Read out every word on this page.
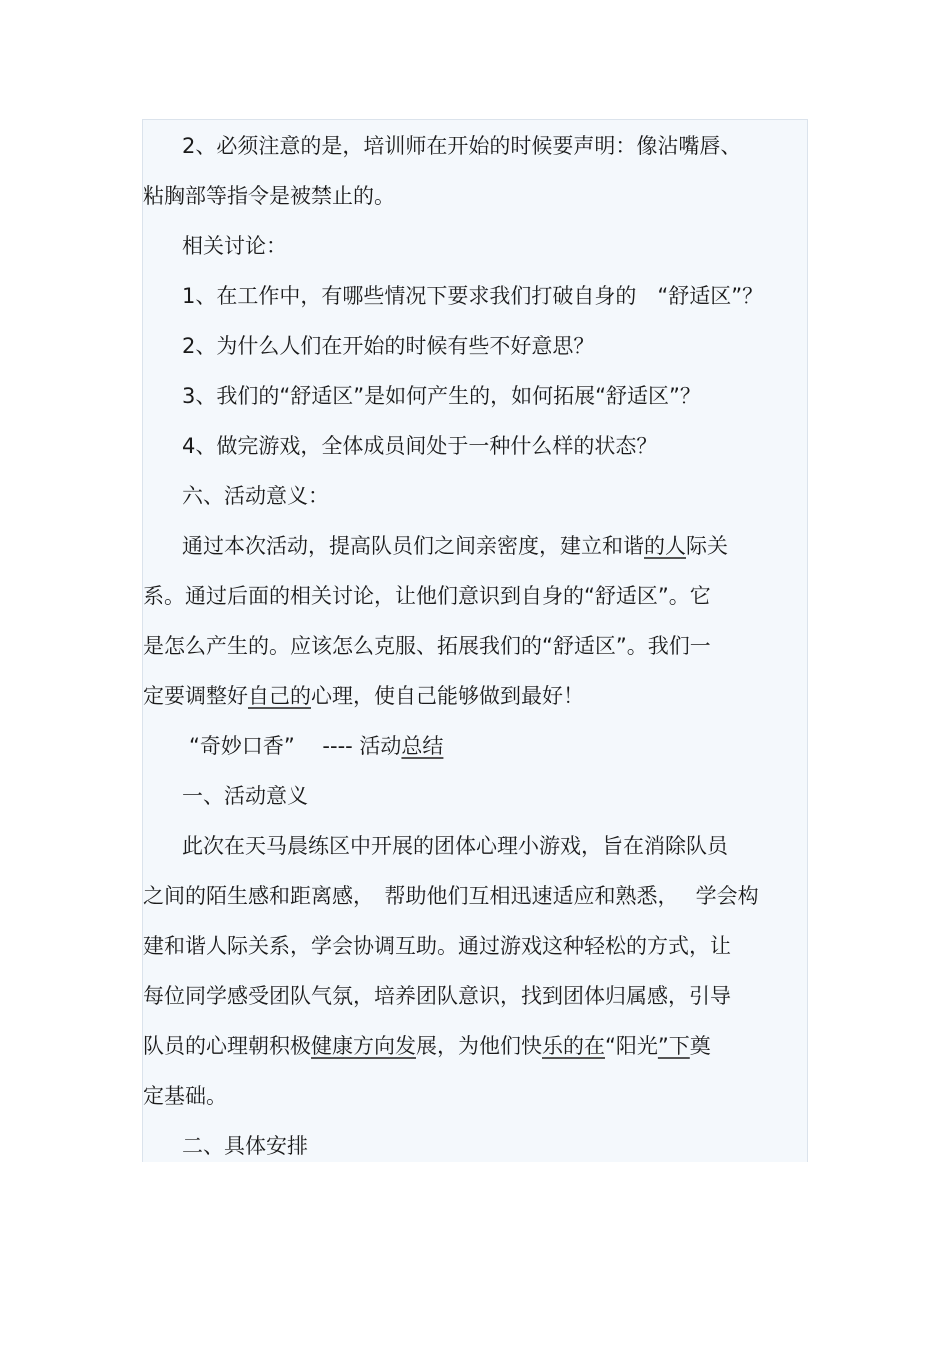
2、必须注意的是，培训师在开始的时候要声明：像沾嘴唇、
粘胸部等指令是被禁止的。
相关讨论：
1、在工作中，有哪些情况下要求我们打破自身的　“舒适区”？
2、为什么人们在开始的时候有些不好意思？
3、我们的“舒适区”是如何产生的，如何拓展“舒适区”？
4、做完游戏，全体成员间处于一种什么样的状态？
六、活动意义：
通过本次活动，提高队员们之间亲密度，建立和谐的人际关
系。通过后面的相关讨论，让他们意识到自身的“舒适区”。它
是怎么产生的。应该怎么克服、拓展我们的“舒适区”。我们一
定要调整好自己的心理，使自己能够做到最好！
“奇妙口香”　 ---- 活动总结
一、活动意义
此次在天马晨练区中开展的团体心理小游戏，旨在消除队员
之间的陌生感和距离感，　帮助他们互相迅速适应和熟悉，　 学会构
建和谐人际关系，学会协调互助。通过游戏这种轻松的方式，让
每位同学感受团队气氛，培养团队意识，找到团体归属感，引导
队员的心理朝积极健康方向发展，为他们快乐的在“阳光”下奠
定基础。
二、具体安排
